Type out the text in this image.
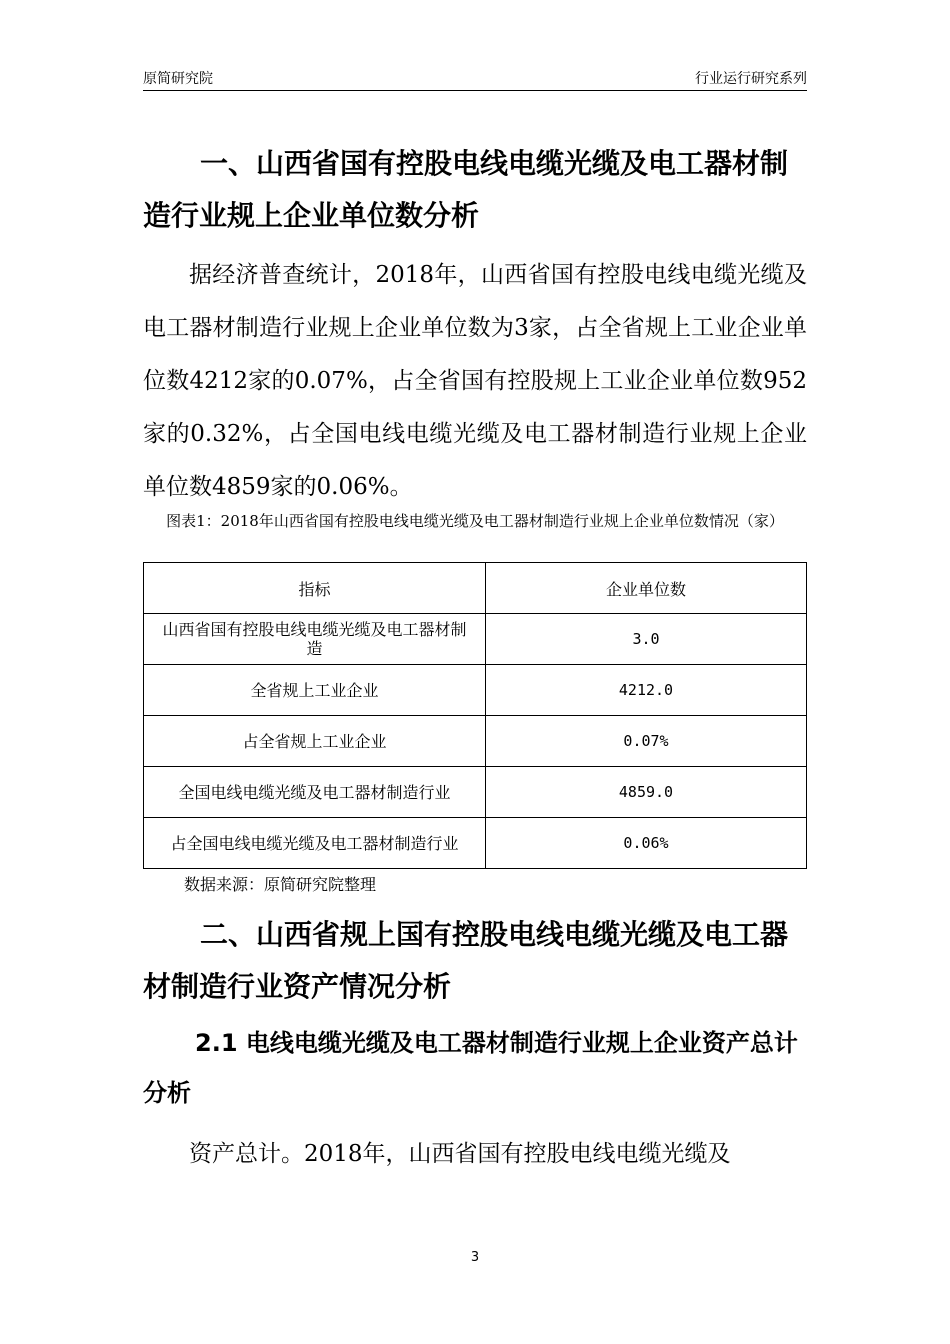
原简研究院	行业运行研究系列
一、山西省国有控股电线电缆光缆及电工器材制造行业规上企业单位数分析

据经济普查统计，2018年，山西省国有控股电线电缆光缆及电工器材制造行业规上企业单位数为3家，占全省规上工业企业单位数4212家的0.07%，占全省国有控股规上工业企业单位数952家的0.32%，占全国电线电缆光缆及电工器材制造行业规上企业单位数4859家的0.06%。

图表1：2018年山西省国有控股电线电缆光缆及电工器材制造行业规上企业单位数情况（家）
指标	企业单位数
山西省国有控股电线电缆光缆及电工器材制造	3.0
全省规上工业企业	4212.0
占全省规上工业企业	0.07%
全国电线电缆光缆及电工器材制造行业	4859.0
占全国电线电缆光缆及电工器材制造行业	0.06%
数据来源：原简研究院整理
二、山西省规上国有控股电线电缆光缆及电工器材制造行业资产情况分析
2.1 电线电缆光缆及电工器材制造行业规上企业资产总计分析

资产总计。2018年，山西省国有控股电线电缆光缆及

3
